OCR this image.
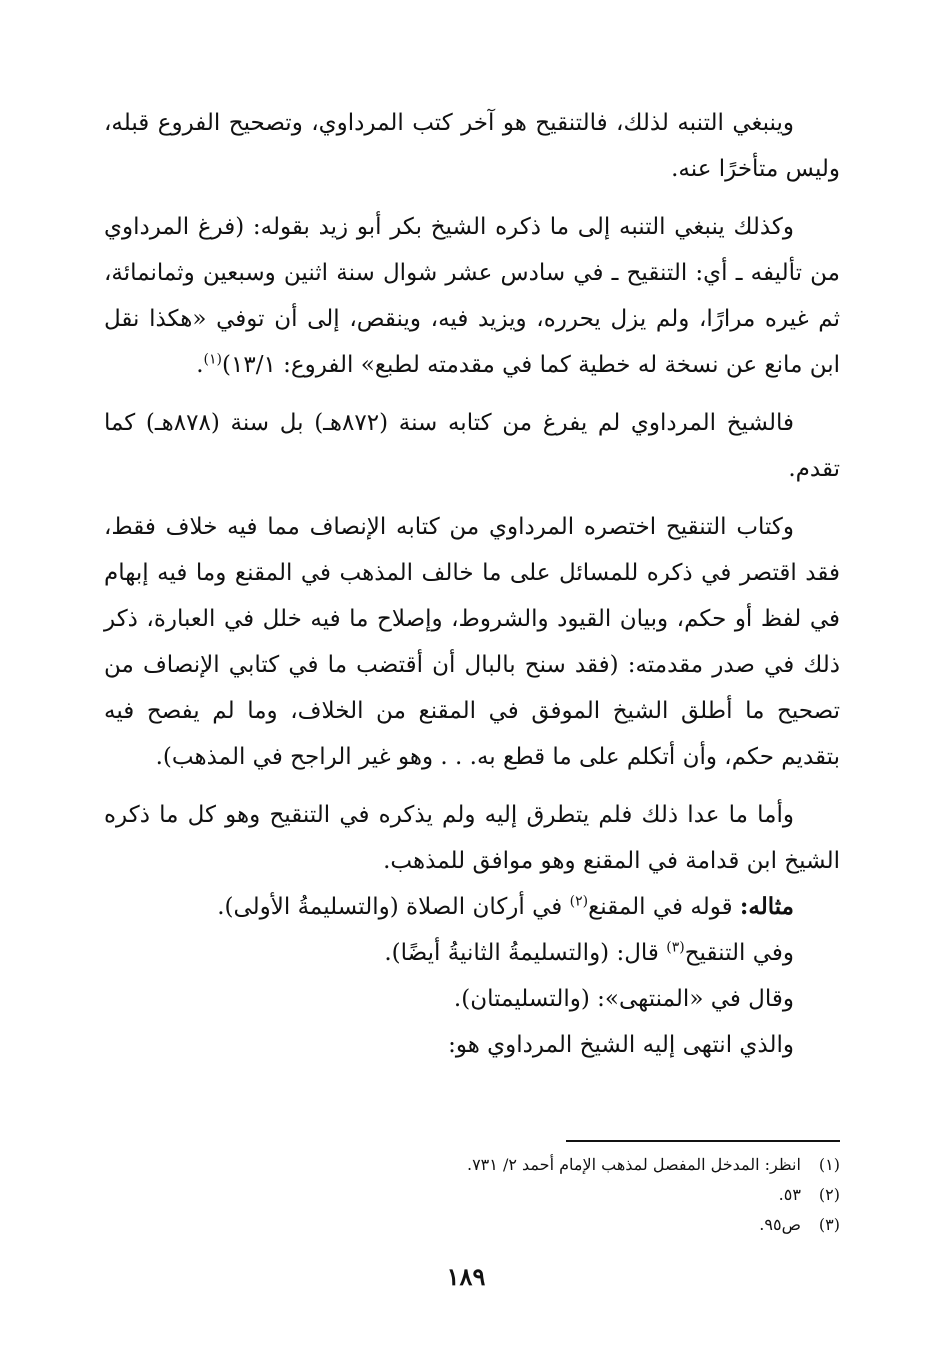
وينبغي التنبه لذلك، فالتنقيح هو آخر كتب المرداوي، وتصحيح الفروع قبله، وليس متأخرًا عنه.

وكذلك ينبغي التنبه إلى ما ذكره الشيخ بكر أبو زيد بقوله: (فرغ المرداوي من تأليفه ـ أي: التنقيح ـ في سادس عشر شوال سنة اثنين وسبعين وثمانمائة، ثم غيره مرارًا، ولم يزل يحرره، ويزيد فيه، وينقص، إلى أن توفي «هكذا نقل ابن مانع عن نسخة له خطية كما في مقدمته لطبع» الفروع: ١٣/١)$^{(١)}$.

فالشيخ المرداوي لم يفرغ من كتابه سنة (٨٧٢هـ) بل سنة (٨٧٨هـ) كما تقدم.

وكتاب التنقيح اختصره المرداوي من كتابه الإنصاف مما فيه خلاف فقط، فقد اقتصر في ذكره للمسائل على ما خالف المذهب في المقنع وما فيه إبهام في لفظ أو حكم، وبيان القيود والشروط، وإصلاح ما فيه خلل في العبارة، ذكر ذلك في صدر مقدمته: (فقد سنح بالبال أن أقتضب ما في كتابي الإنصاف من تصحيح ما أطلق الشيخ الموفق في المقنع من الخلاف، وما لم يفصح فيه بتقديم حكم، وأن أتكلم على ما قطع به. . . وهو غير الراجح في المذهب).

وأما ما عدا ذلك فلم يتطرق إليه ولم يذكره في التنقيح وهو كل ما ذكره الشيخ ابن قدامة في المقنع وهو موافق للمذهب.

مثاله: قوله في المقنع$^{(٢)}$ في أركان الصلاة (والتسليمةُ الأولى).

وفي التنقيح$^{(٣)}$ قال: (والتسليمةُ الثانيةُ أيضًا).

وقال في «المنتهى»: (والتسليمتان).

والذي انتهى إليه الشيخ المرداوي هو:

(١) انظر: المدخل المفصل لمذهب الإمام أحمد ٢/ ٧٣١.

(٢) ٥٣.

(٣) ص٩٥.

١٨٩
